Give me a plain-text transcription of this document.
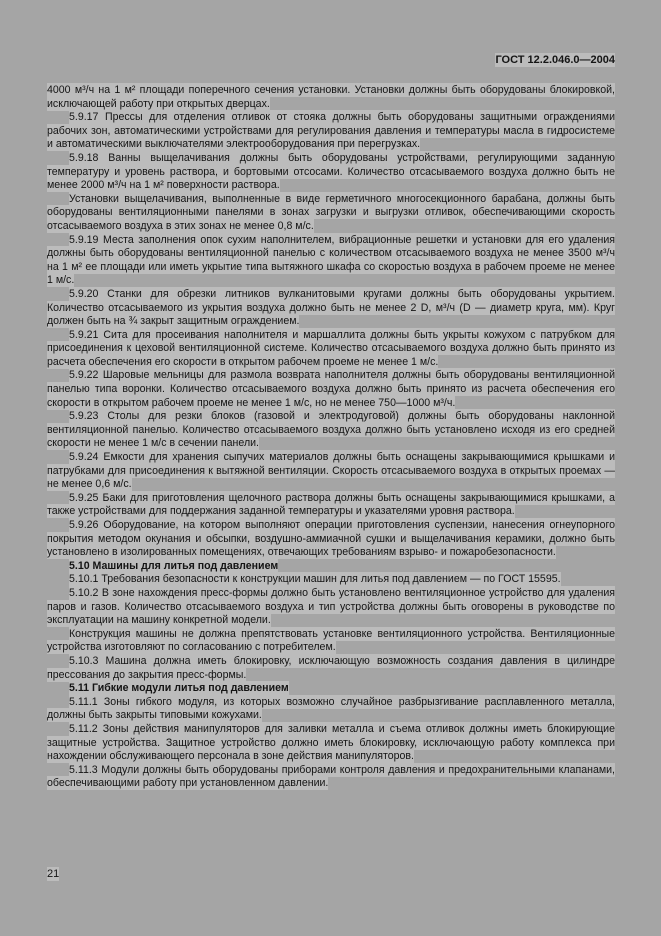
ГОСТ 12.2.046.0—2004

4000 м³/ч на 1 м² площади поперечного сечения установки. Установки должны быть оборудованы блокировкой, исключающей работу при открытых дверцах.

5.9.17 Прессы для отделения отливок от стояка должны быть оборудованы защитными ограждениями рабочих зон, автоматическими устройствами для регулирования давления и температуры масла в гидросистеме и автоматическими выключателями электрооборудования при перегрузках.

5.9.18 Ванны выщелачивания должны быть оборудованы устройствами, регулирующими заданную температуру и уровень раствора, и бортовыми отсосами. Количество отсасываемого воздуха должно быть не менее 2000 м³/ч на 1 м² поверхности раствора.

Установки выщелачивания, выполненные в виде герметичного многосекционного барабана, должны быть оборудованы вентиляционными панелями в зонах загрузки и выгрузки отливок, обеспечивающими скорость отсасываемого воздуха в этих зонах не менее 0,8 м/с.

5.9.19 Места заполнения опок сухим наполнителем, вибрационные решетки и установки для его удаления должны быть оборудованы вентиляционной панелью с количеством отсасываемого воздуха не менее 3500 м³/ч на 1 м² ее площади или иметь укрытие типа вытяжного шкафа со скоростью воздуха в рабочем проеме не менее 1 м/с.

5.9.20 Станки для обрезки литников вулканитовыми кругами должны быть оборудованы укрытием. Количество отсасываемого из укрытия воздуха должно быть не менее 2 D, м³/ч (D — диаметр круга, мм). Круг должен быть на ¾ закрыт защитным ограждением.

5.9.21 Сита для просеивания наполнителя и маршаллита должны быть укрыты кожухом с патрубком для присоединения к цеховой вентиляционной системе. Количество отсасываемого воздуха должно быть принято из расчета обеспечения его скорости в открытом рабочем проеме не менее 1 м/с.

5.9.22 Шаровые мельницы для размола возврата наполнителя должны быть оборудованы вентиляционной панелью типа воронки. Количество отсасываемого воздуха должно быть принято из расчета обеспечения его скорости в открытом рабочем проеме не менее 1 м/с, но не менее 750—1000 м³/ч.

5.9.23 Столы для резки блоков (газовой и электродуговой) должны быть оборудованы наклонной вентиляционной панелью. Количество отсасываемого воздуха должно быть установлено исходя из его средней скорости не менее 1 м/с в сечении панели.

5.9.24 Емкости для хранения сыпучих материалов должны быть оснащены закрывающимися крышками и патрубками для присоединения к вытяжной вентиляции. Скорость отсасываемого воздуха в открытых проемах — не менее 0,6 м/с.

5.9.25 Баки для приготовления щелочного раствора должны быть оснащены закрывающимися крышками, а также устройствами для поддержания заданной температуры и указателями уровня раствора.

5.9.26 Оборудование, на котором выполняют операции приготовления суспензии, нанесения огнеупорного покрытия методом окунания и обсыпки, воздушно-аммиачной сушки и выщелачивания керамики, должно быть установлено в изолированных помещениях, отвечающих требованиям взрыво- и пожаробезопасности.

5.10 Машины для литья под давлением

5.10.1 Требования безопасности к конструкции машин для литья под давлением — по ГОСТ 15595.

5.10.2 В зоне нахождения пресс-формы должно быть установлено вентиляционное устройство для удаления паров и газов. Количество отсасываемого воздуха и тип устройства должны быть оговорены в руководстве по эксплуатации на машину конкретной модели.

Конструкция машины не должна препятствовать установке вентиляционного устройства. Вентиляционные устройства изготовляют по согласованию с потребителем.

5.10.3 Машина должна иметь блокировку, исключающую возможность создания давления в цилиндре прессования до закрытия пресс-формы.

5.11 Гибкие модули литья под давлением

5.11.1 Зоны гибкого модуля, из которых возможно случайное разбрызгивание расплавленного металла, должны быть закрыты типовыми кожухами.

5.11.2 Зоны действия манипуляторов для заливки металла и съема отливок должны иметь блокирующие защитные устройства. Защитное устройство должно иметь блокировку, исключающую работу комплекса при нахождении обслуживающего персонала в зоне действия манипуляторов.

5.11.3 Модули должны быть оборудованы приборами контроля давления и предохранительными клапанами, обеспечивающими работу при установленном давлении.

21
